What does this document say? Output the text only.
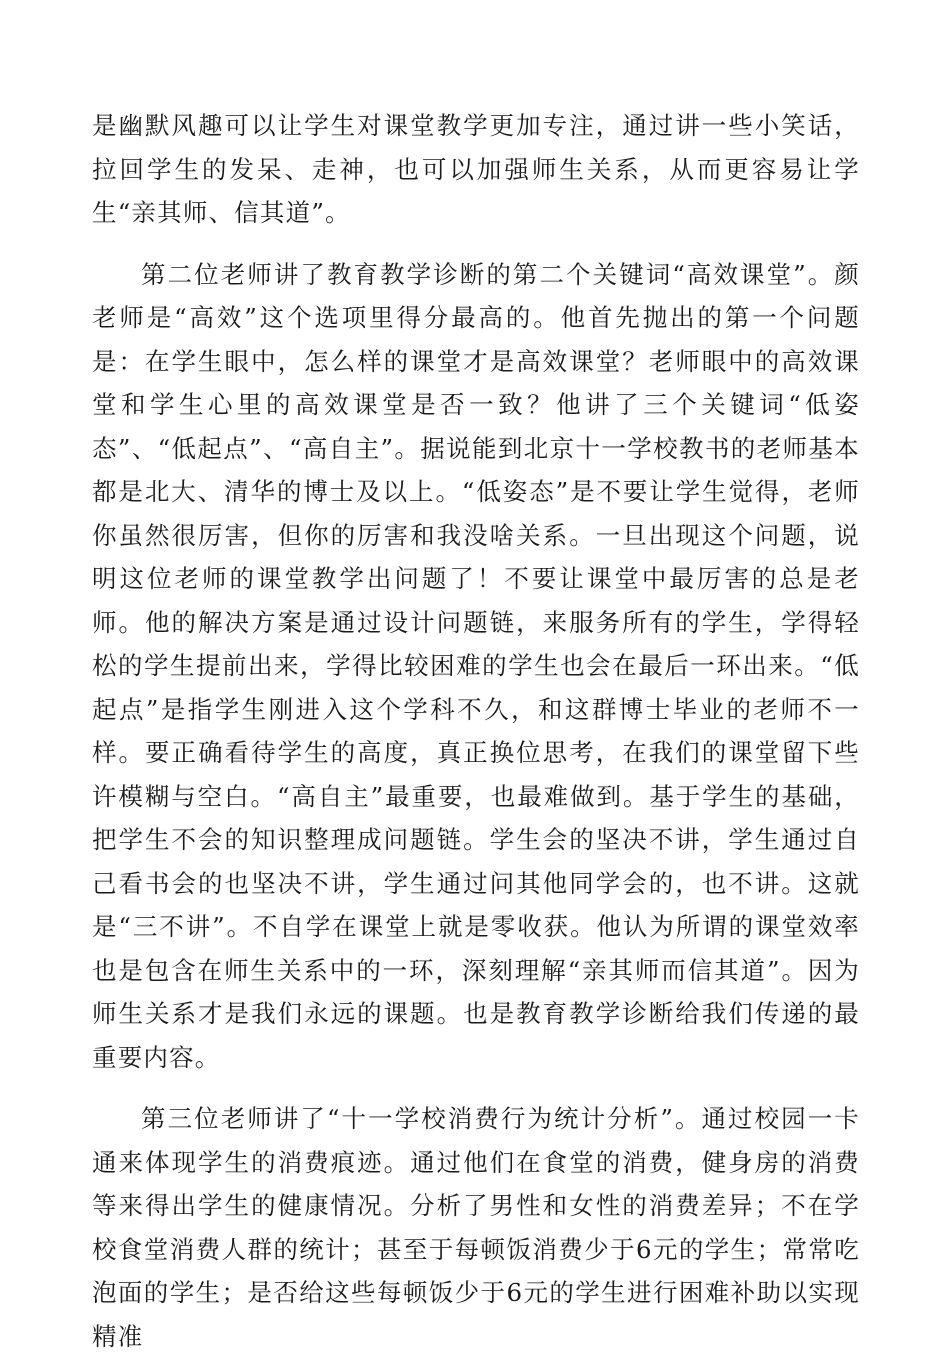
是幽默风趣可以让学生对课堂教学更加专注，通过讲一些小笑话，拉回学生的发呆、走神，也可以加强师生关系，从而更容易让学生“亲其师、信其道”。

第二位老师讲了教育教学诊断的第二个关键词“高效课堂”。颜老师是“高效”这个选项里得分最高的。他首先抛出的第一个问题是：在学生眼中，怎么样的课堂才是高效课堂？老师眼中的高效课堂和学生心里的高效课堂是否一致？他讲了三个关键词“低姿态”、“低起点”、“高自主”。据说能到北京十一学校教书的老师基本都是北大、清华的博士及以上。“低姿态”是不要让学生觉得，老师你虽然很厉害，但你的厉害和我没啥关系。一旦出现这个问题，说明这位老师的课堂教学出问题了！不要让课堂中最厉害的总是老师。他的解决方案是通过设计问题链，来服务所有的学生，学得轻松的学生提前出来，学得比较困难的学生也会在最后一环出来。“低起点”是指学生刚进入这个学科不久，和这群博士毕业的老师不一样。要正确看待学生的高度，真正换位思考，在我们的课堂留下些许模糊与空白。“高自主”最重要，也最难做到。基于学生的基础，把学生不会的知识整理成问题链。学生会的坚决不讲，学生通过自己看书会的也坚决不讲，学生通过问其他同学会的，也不讲。这就是“三不讲”。不自学在课堂上就是零收获。他认为所谓的课堂效率也是包含在师生关系中的一环，深刻理解“亲其师而信其道”。因为师生关系才是我们永远的课题。也是教育教学诊断给我们传递的最重要内容。

第三位老师讲了“十一学校消费行为统计分析”。通过校园一卡通来体现学生的消费痕迹。通过他们在食堂的消费，健身房的消费等来得出学生的健康情况。分析了男性和女性的消费差异；不在学校食堂消费人群的统计；甚至于每顿饭消费少于6元的学生；常常吃泡面的学生；是否给这些每顿饭少于6元的学生进行困难补助以实现精准
